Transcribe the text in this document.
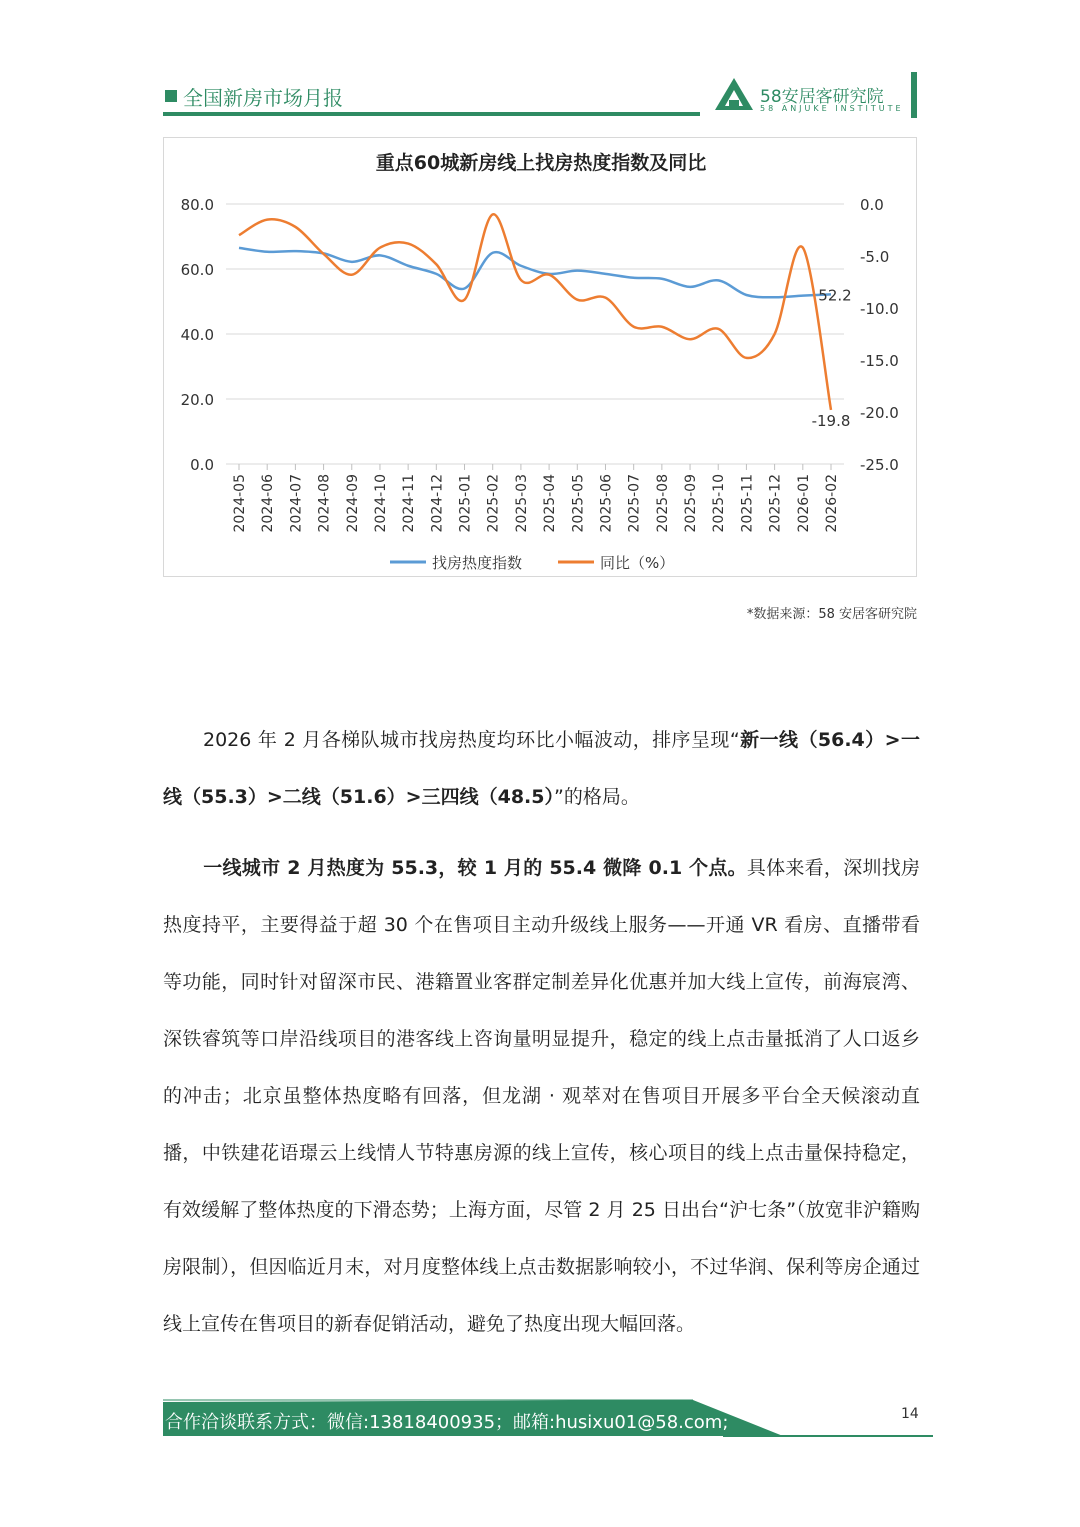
全国新房市场月报	58安居客研究院
58 ANJUKE INSTITUTE
80.0
60.0
40.0
20.0
0.0
0.0
-5.0
-10.0
-15.0
-20.0
-25.0
2024-05 2024-06 2024-07 2024-08 2024-09 2024-10 2024-11 2024-12 2025-01 2025-02 2025-03 2025-04 2025-05 2025-06 2025-07 2025-08 2025-09 2025-10 2025-11 2025-12 2026-01 2026-02
52.2
-19.8
找房热度指数	同比（%）
重点60城新房线上找房热度指数及同比
*数据来源：58 安居客研究院
2026 年 2 月各梯队城市找房热度均环比小幅波动，排序呈现“新一线（56.4）>一线（55.3）>二线（51.6）>三四线（48.5）”的格局。
一线城市 2 月热度为 55.3，较 1 月的 55.4 微降 0.1 个点。具体来看，深圳找房热度持平，主要得益于超 30 个在售项目主动升级线上服务——开通 VR 看房、直播带看等功能，同时针对留深市民、港籍置业客群定制差异化优惠并加大线上宣传，前海宸湾、深铁睿筑等口岸沿线项目的港客线上咨询量明显提升，稳定的线上点击量抵消了人口返乡的冲击；北京虽整体热度略有回落，但龙湖 · 观萃对在售项目开展多平台全天候滚动直播，中铁建花语璟云上线情人节特惠房源的线上宣传，核心项目的线上点击量保持稳定，有效缓解了整体热度的下滑态势；上海方面，尽管 2 月 25 日出台“沪七条”（放宽非沪籍购房限制），但因临近月末，对月度整体线上点击数据影响较小，不过华润、保利等房企通过线上宣传在售项目的新春促销活动，避免了热度出现大幅回落。
合作洽谈联系方式：微信:13818400935；邮箱:husixu01@58.com;	14
